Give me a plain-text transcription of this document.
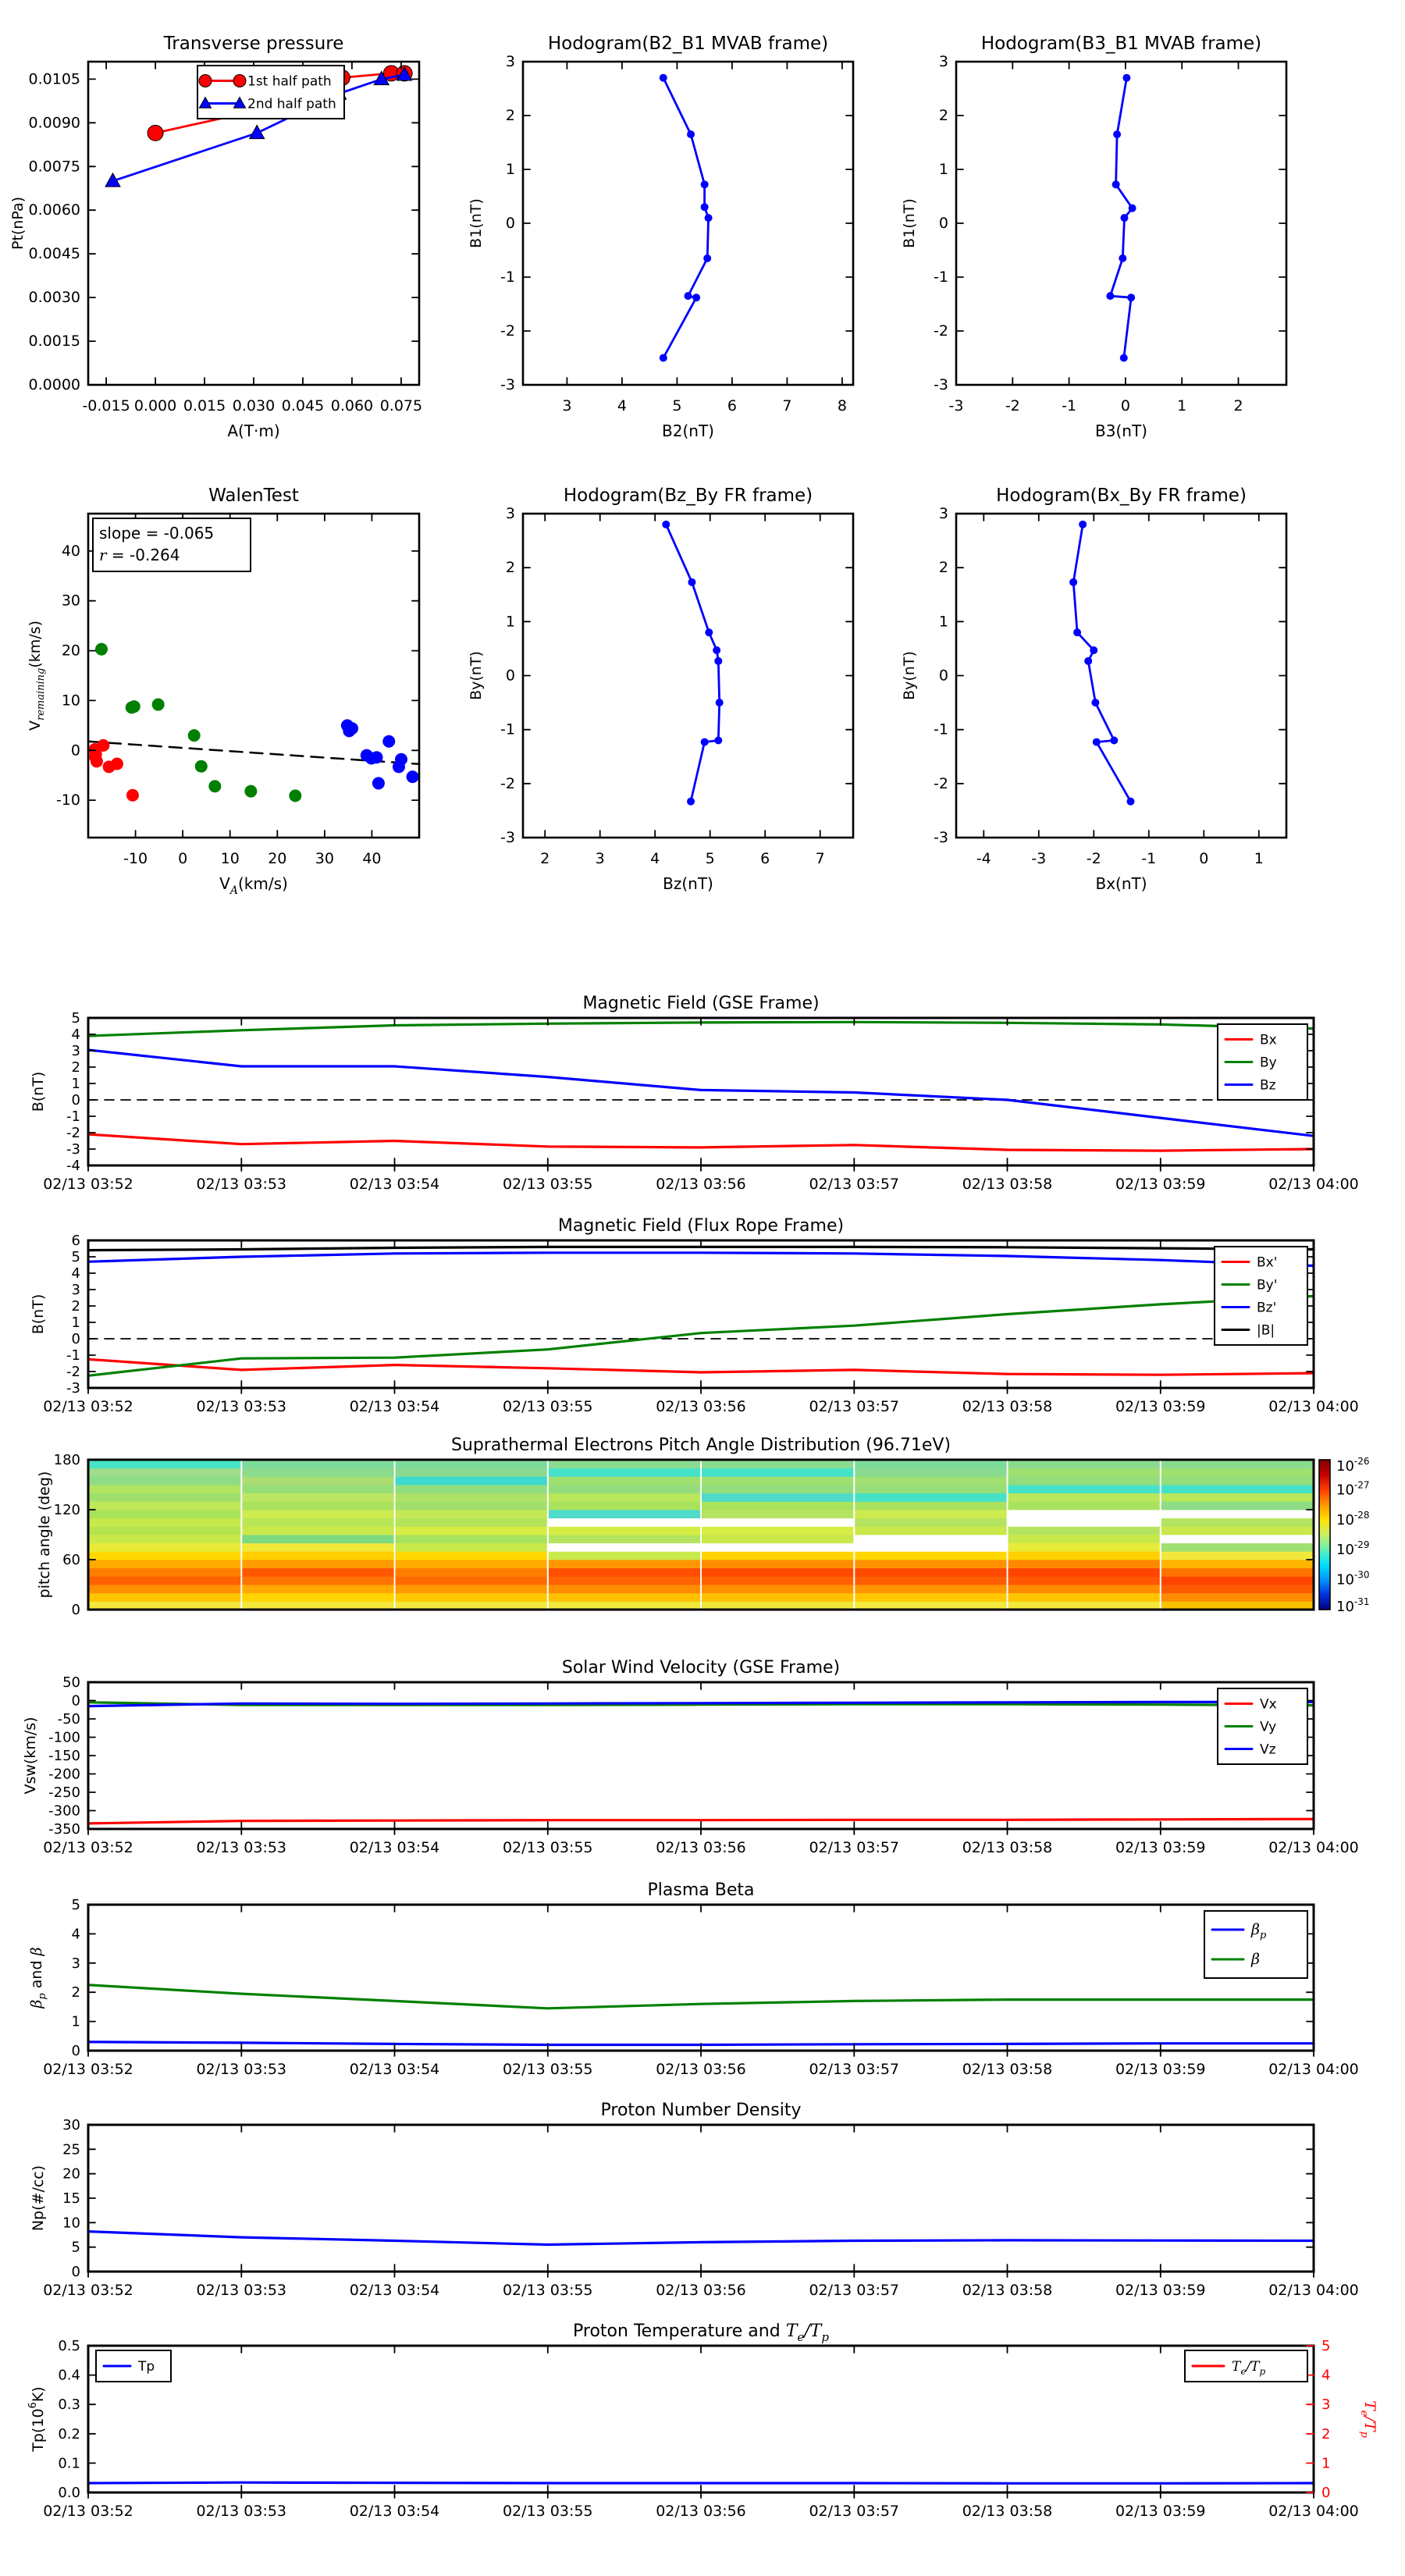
-0.015 0.000 0.015 0.030 0.045 0.060 0.075
0.0000
0.0015
0.0030
0.0045
0.0060
0.0075
0.0090
0.0105
Transverse pressure
A(T·m)
Pt(nPa)
1st half path
2nd half path
3	4	5	6	7	8
-3
-2
-1
0
1
2
3
Hodogram(B2_B1 MVAB frame)
B2(nT)
B1(nT)
-3	-2	-1	0	1	2
-3
-2
-1
0
1
2
3
Hodogram(B3_B1 MVAB frame)
B3(nT)
B1(nT)
-10 0 10 20 30 40
-10
0
10
20
30
40
WalenTest
$V_A(km/s)$
$V_{remaining}(km/s)$
slope = -0.065
r = -0.264
2	3	4	5	6	7
-3
-2
-1
0
1
2
3
Hodogram(Bz_By FR frame)
Bz(nT)
By(nT)
-4	-3	-2	-1	0	1
-3
-2
-1
0
1
2
3
Hodogram(Bx_By FR frame)
Bx(nT)
By(nT)
02/13 03:52	02/13 03:53	02/13 03:54	02/13 03:55	02/13 03:56	02/13 03:57	02/13 03:58	02/13 03:59	02/13 04:00
-4
-3
-2
-1
0
1
2
3
4
5
Magnetic Field (GSE Frame)
B(nT)
Bx
By
Bz
02/13 03:52	02/13 03:53	02/13 03:54	02/13 03:55	02/13 03:56	02/13 03:57	02/13 03:58	02/13 03:59	02/13 04:00
-3
-2
-1
0
1
2
3
4
5
6
Magnetic Field (Flux Rope Frame)
B(nT)
Bx'
By'
Bz'
|B|
$10^{-26}$
$10^{-27}$
$10^{-28}$
$10^{-29}$
$10^{-30}$
$10^{-31}$
0
60
120
180
Suprathermal Electrons Pitch Angle Distribution (96.71eV)
pitch angle (deg)
02/13 03:52	02/13 03:53	02/13 03:54	02/13 03:55	02/13 03:56	02/13 03:57	02/13 03:58	02/13 03:59	02/13 04:00
50
0
-50
-100
-150
-200
-250
-300
-350
Solar Wind Velocity (GSE Frame)
Vsw(km/s)
Vx
Vy
Vz
02/13 03:52	02/13 03:53	02/13 03:54	02/13 03:55	02/13 03:56	02/13 03:57	02/13 03:58	02/13 03:59	02/13 04:00
0
1
2
3
4
5
Plasma Beta
$\beta_p$ and β
$\beta_p$
β
02/13 03:52	02/13 03:53	02/13 03:54	02/13 03:55	02/13 03:56	02/13 03:57	02/13 03:58	02/13 03:59	02/13 04:00
0
5
10
15
20
25
30
Proton Number Density
Np(#/cc)
02/13 03:52	02/13 03:53	02/13 03:54	02/13 03:55	02/13 03:56	02/13 03:57	02/13 03:58	02/13 03:59	02/13 04:00
0.0
0.1
0.2
0.3
0.4
0.5
0
1
2
3
4
5
$T_e/T_p$
Proton Temperature and $T_e/T_p$
$Tp(10^6K)$
Tp	$T_e/T_p$
